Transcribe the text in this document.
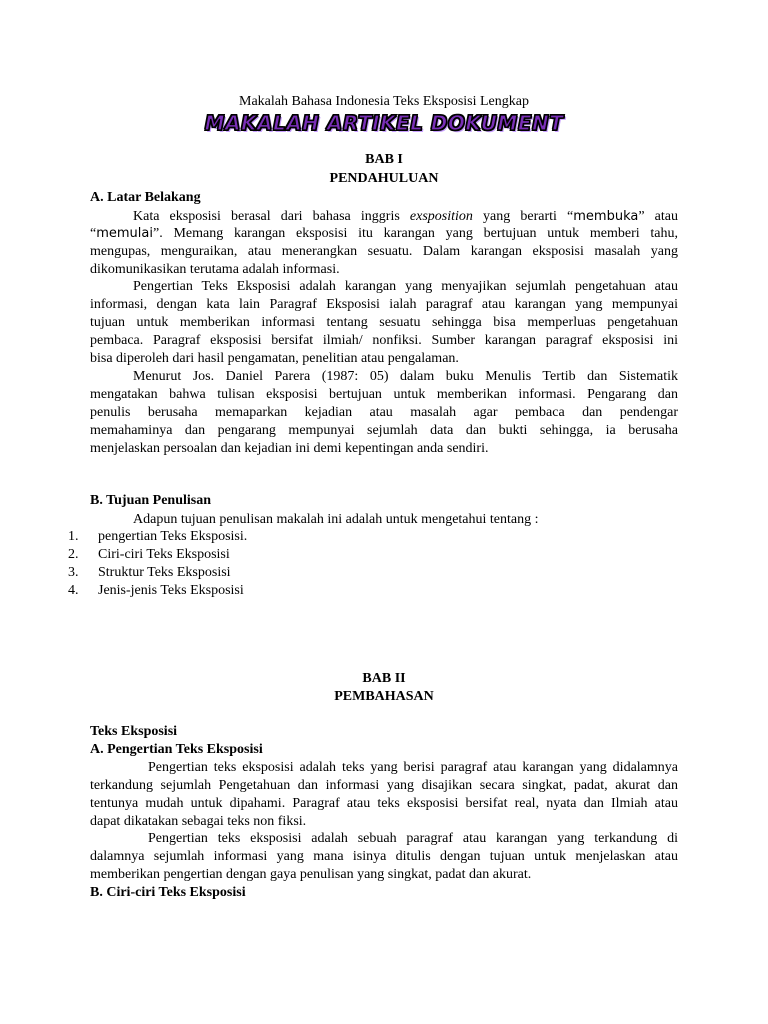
Makalah Bahasa Indonesia Teks Eksposisi Lengkap
MAKALAH ARTIKEL DOKUMENT
BAB I
PENDAHULUAN
A. Latar Belakang
Kata eksposisi berasal dari bahasa inggris exsposition yang berarti “membuka” atau
“memulai”. Memang karangan eksposisi itu karangan yang bertujuan untuk memberi tahu,
mengupas, menguraikan, atau menerangkan sesuatu. Dalam karangan eksposisi masalah yang
dikomunikasikan terutama adalah informasi.
Pengertian Teks Eksposisi adalah karangan yang menyajikan sejumlah pengetahuan atau
informasi, dengan kata lain Paragraf Eksposisi ialah paragraf atau karangan yang mempunyai
tujuan untuk memberikan informasi tentang sesuatu sehingga bisa memperluas pengetahuan
pembaca. Paragraf eksposisi bersifat ilmiah/ nonfiksi. Sumber karangan paragraf eksposisi ini
bisa diperoleh dari hasil pengamatan, penelitian atau pengalaman.
Menurut Jos. Daniel Parera (1987: 05) dalam buku Menulis Tertib dan Sistematik
mengatakan bahwa tulisan eksposisi bertujuan untuk memberikan informasi. Pengarang dan
penulis berusaha memaparkan kejadian atau masalah agar pembaca dan pendengar
memahaminya dan pengarang mempunyai sejumlah data dan bukti sehingga, ia berusaha
menjelaskan persoalan dan kejadian ini demi kepentingan anda sendiri.
B. Tujuan Penulisan
Adapun tujuan penulisan makalah ini adalah untuk mengetahui tentang :
1. pengertian Teks Eksposisi.
2. Ciri-ciri Teks Eksposisi
3. Struktur Teks Eksposisi
4. Jenis-jenis Teks Eksposisi
BAB II
PEMBAHASAN
Teks Eksposisi
A. Pengertian Teks Eksposisi
Pengertian teks eksposisi adalah teks yang berisi paragraf atau karangan yang didalamnya
terkandung sejumlah Pengetahuan dan informasi yang disajikan secara singkat, padat, akurat dan
tentunya mudah untuk dipahami. Paragraf atau teks eksposisi bersifat real, nyata dan Ilmiah atau
dapat dikatakan sebagai teks non fiksi.
Pengertian teks eksposisi adalah sebuah paragraf atau karangan yang terkandung di
dalamnya sejumlah informasi yang mana isinya ditulis dengan tujuan untuk menjelaskan atau
memberikan pengertian dengan gaya penulisan yang singkat, padat dan akurat.
B. Ciri-ciri Teks Eksposisi
